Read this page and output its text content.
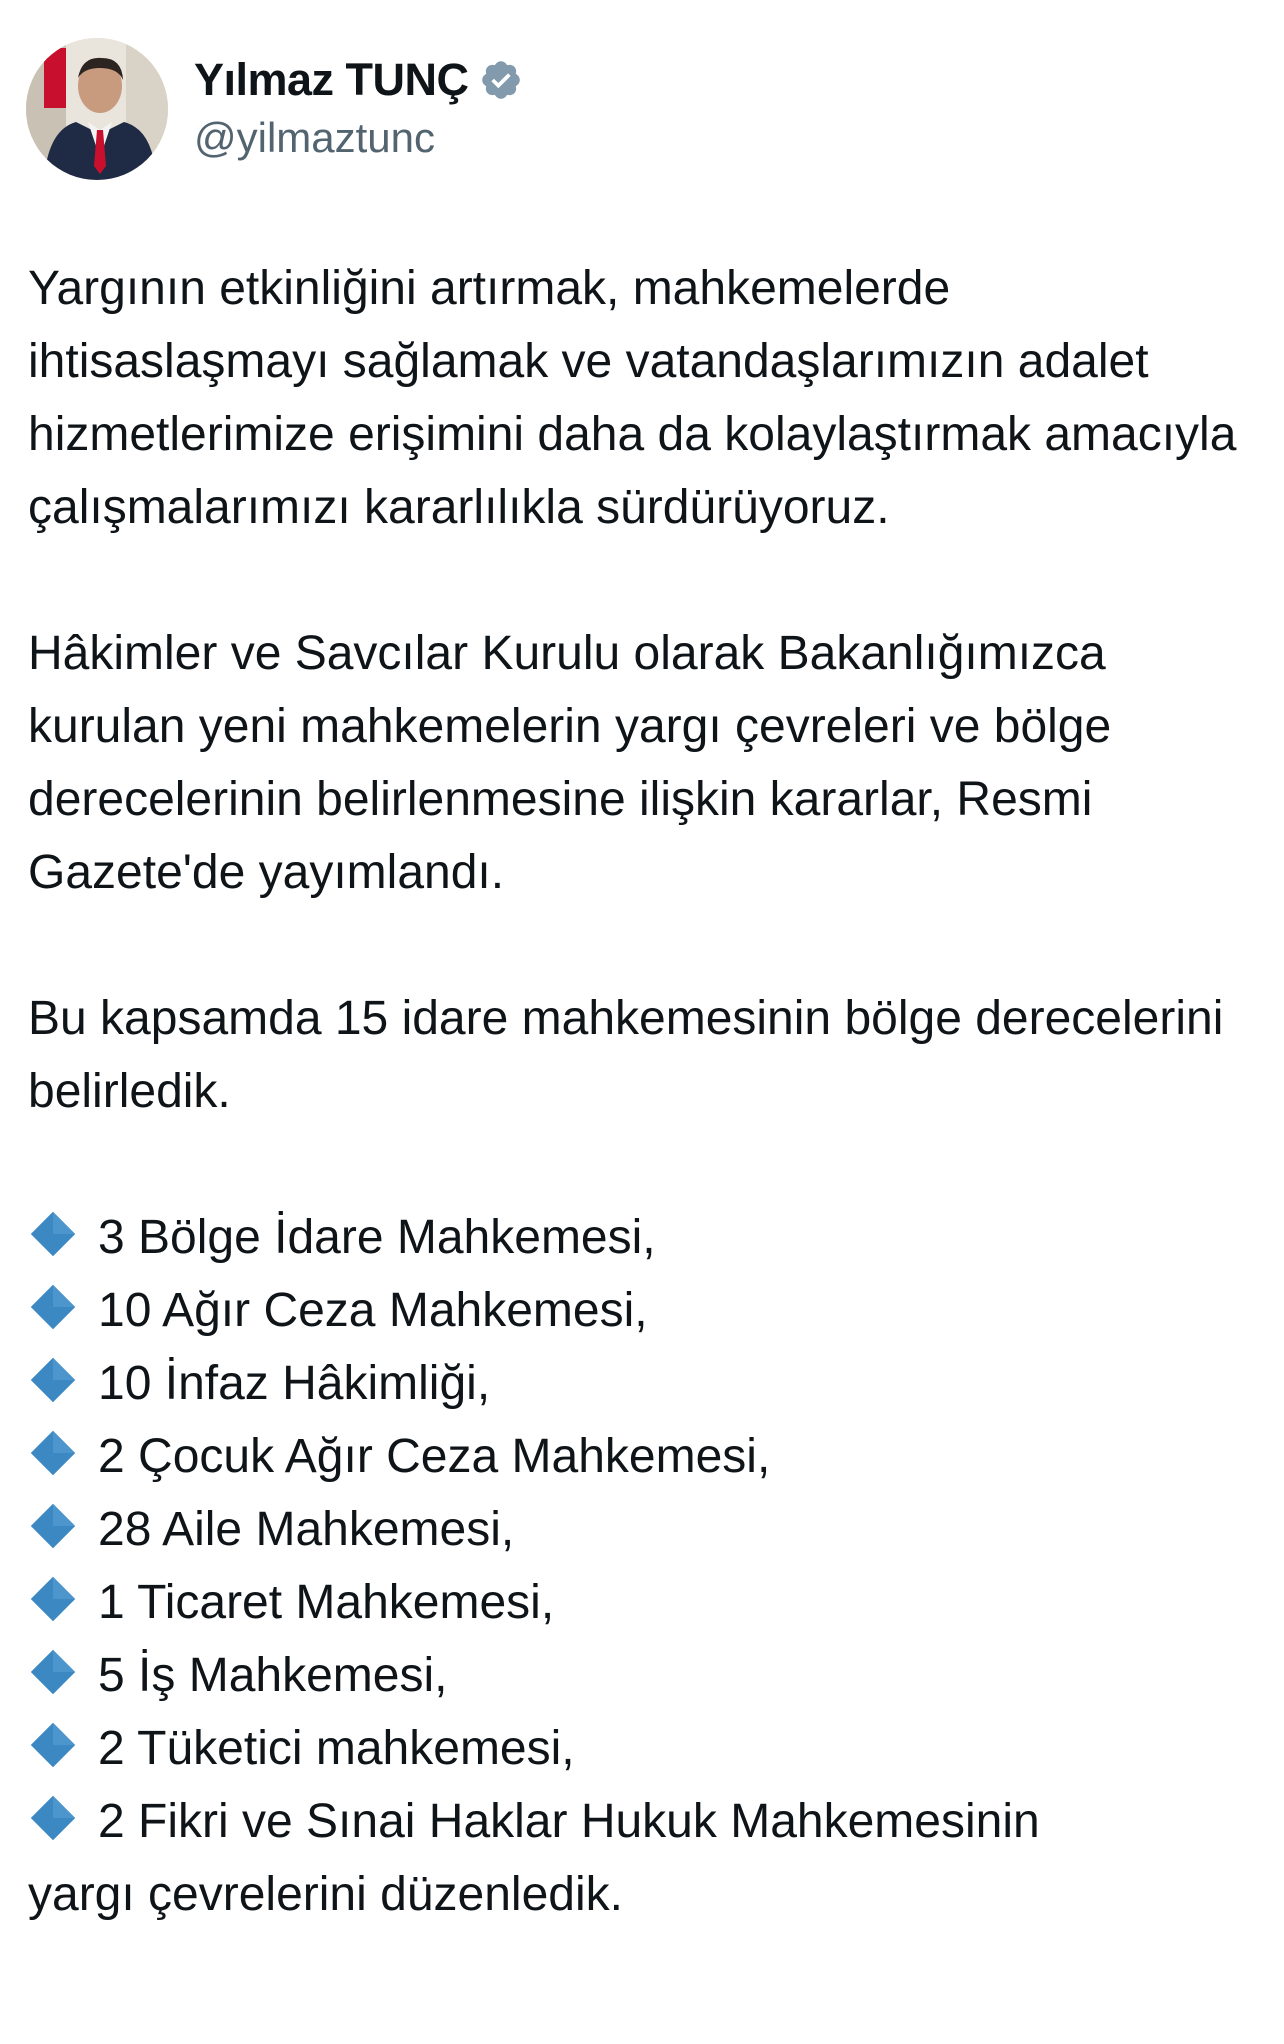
Yılmaz TUNÇ
@yilmaztunc

Yargının etkinliğini artırmak, mahkemelerde ihtisaslaşmayı sağlamak ve vatandaşlarımızın adalet hizmetlerimize erişimini daha da kolaylaştırmak amacıyla çalışmalarımızı kararlılıkla sürdürüyoruz.

Hâkimler ve Savcılar Kurulu olarak Bakanlığımızca kurulan yeni mahkemelerin yargı çevreleri ve bölge derecelerinin belirlenmesine ilişkin kararlar, Resmi Gazete'de yayımlandı.

Bu kapsamda 15 idare mahkemesinin bölge derecelerini belirledik.

3 Bölge İdare Mahkemesi,
10 Ağır Ceza Mahkemesi,
10 İnfaz Hâkimliği,
2 Çocuk Ağır Ceza Mahkemesi,
28 Aile Mahkemesi,
1 Ticaret Mahkemesi,
5 İş Mahkemesi,
2 Tüketici mahkemesi,
2 Fikri ve Sınai Haklar Hukuk Mahkemesinin

yargı çevrelerini düzenledik.
